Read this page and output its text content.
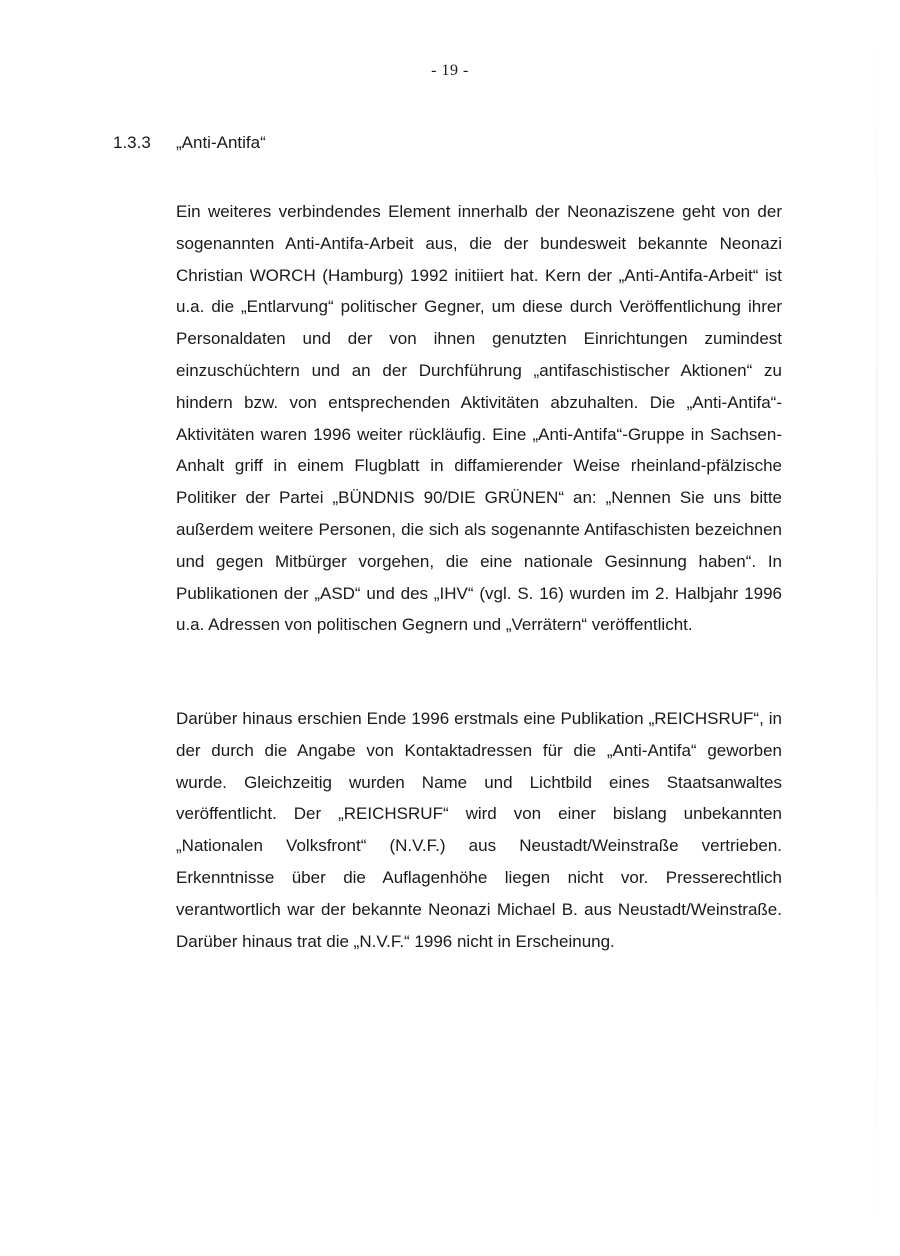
- 19 -
1.3.3	„Anti-Antifa“

Ein weiteres verbindendes Element innerhalb der Neonaziszene geht von der sogenannten Anti-Antifa-Arbeit aus, die der bundesweit bekannte Neonazi Christian WORCH (Hamburg) 1992 initiiert hat. Kern der „Anti-Antifa-Arbeit“ ist u.a. die „Entlarvung“ politischer Gegner, um diese durch Veröffentlichung ihrer Personaldaten und der von ihnen genutzten Einrichtungen zumindest einzuschüchtern und an der Durchführung „antifaschistischer Aktionen“ zu hindern bzw. von entsprechenden Aktivitäten abzuhalten. Die „Anti-Antifa“-Aktivitäten waren 1996 weiter rückläufig. Eine „Anti-Antifa“-Gruppe in Sachsen-Anhalt griff in einem Flugblatt in diffamierender Weise rheinland-pfälzische Politiker der Partei „BÜNDNIS 90/DIE GRÜNEN“ an: „Nennen Sie uns bitte außerdem weitere Personen, die sich als sogenannte Antifaschisten bezeichnen und gegen Mitbürger vorgehen, die eine nationale Gesinnung haben“. In Publikationen der „ASD“ und des „IHV“ (vgl. S. 16) wurden im 2. Halbjahr 1996 u.a. Adressen von politischen Gegnern und „Verrätern“ veröffentlicht.

Darüber hinaus erschien Ende 1996 erstmals eine Publikation „REICHSRUF“, in der durch die Angabe von Kontaktadressen für die „Anti-Antifa“ geworben wurde. Gleichzeitig wurden Name und Lichtbild eines Staatsanwaltes veröffentlicht. Der „REICHSRUF“ wird von einer bislang unbekannten „Nationalen Volksfront“ (N.V.F.) aus Neustadt/Weinstraße vertrieben. Erkenntnisse über die Auflagenhöhe liegen nicht vor. Presserechtlich verantwortlich war der bekannte Neonazi Michael B. aus Neustadt/Weinstraße. Darüber hinaus trat die „N.V.F.“ 1996 nicht in Erscheinung.
